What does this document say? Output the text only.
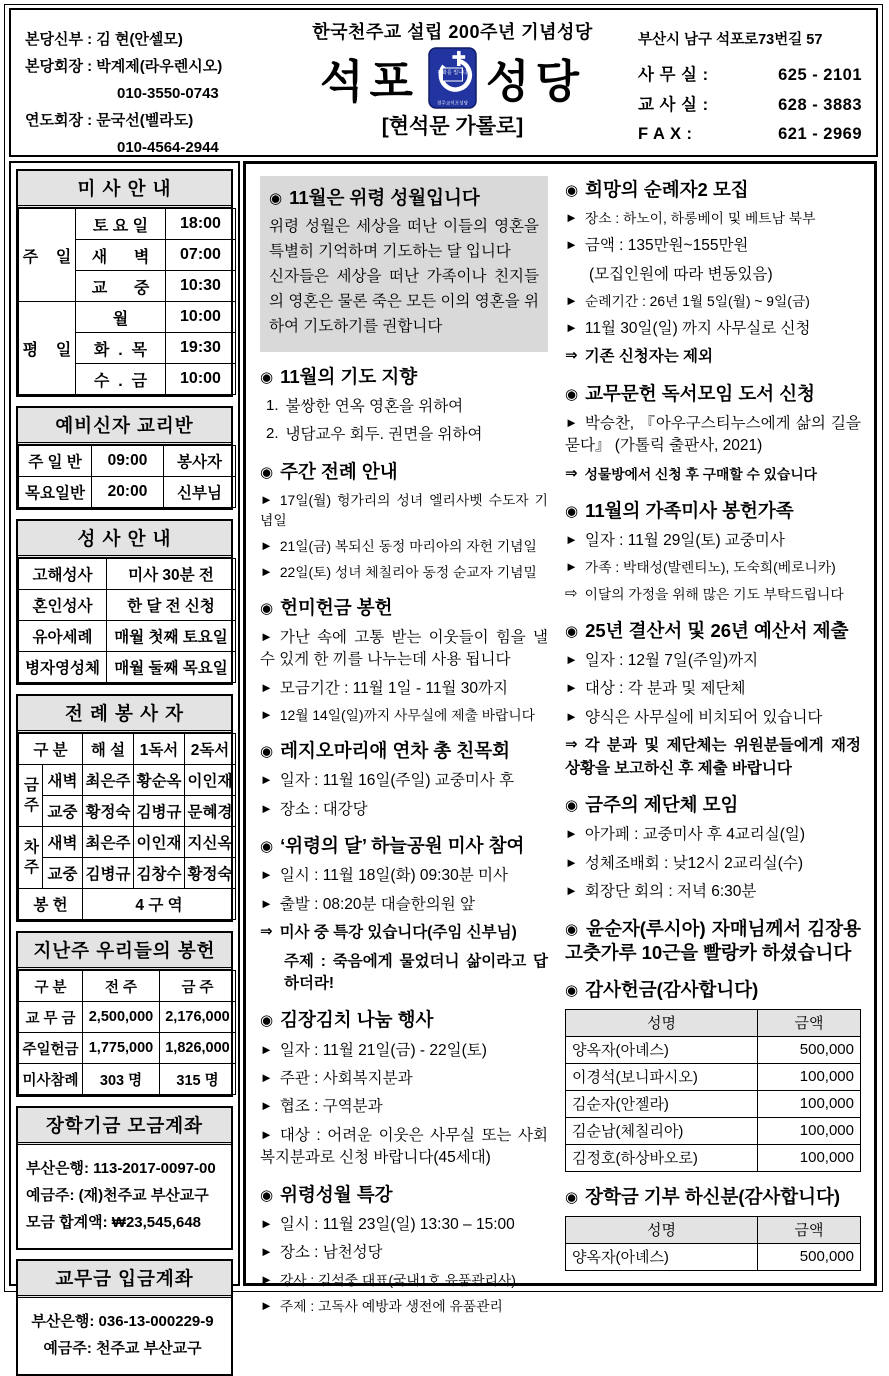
본당신부 : 김 현(안셀모)
본당회장 : 박계제(라우렌시오)
010-3550-0743
연도회장 : 문국선(벨라도)
010-4564-2944
한국천주교 설립 200주년 기념성당
석포	평화를 빕니다
천주교석포성당 성당
[현석문 가롤로]
부산시 남구 석포로73번길 57
사 무 실 :	625 - 2101
교 사 실 :	628 - 3883
F A X :	621 - 2969
미 사 안 내
주    일	토 요 일	18:00
	새      벽	07:00
	교      중	10:30
평    일	월	10:00
	화  .  목	19:30
	수  .  금	10:00
예비신자 교리반
주 일 반	09:00	봉사자
목요일반	20:00	신부님
성 사 안 내
고해성사	미사 30분 전
혼인성사	한 달 전 신청
유아세례	매월 첫째 토요일
병자영성체	매월 둘째 목요일
전 례 봉 사 자
구 분		해 설	1독서	2독서
금주	새벽	최은주	황순옥	이인재
	교중	황정숙	김병규	문혜경
차주	새벽	최은주	이인재	지신옥
	교중	김병규	김창수	황정숙
봉 헌		4 구 역		
지난주 우리들의 봉헌
구 분	전 주	금 주
교 무 금	2,500,000	2,176,000
주일헌금	1,775,000	1,826,000
미사참례	303 명	315 명
장학기금 모금계좌
부산은행: 113-2017-0097-00
예금주: (재)천주교 부산교구
모금 합계액: ₩23,545,648
교무금 입금계좌
부산은행: 036-13-000229-9
예금주: 천주교 부산교구
◉ 11월은 위령 성월입니다
위령 성월은 세상을 떠난 이들의 영혼을 특별히 기억하며 기도하는 달 입니다
신자들은 세상을 떠난 가족이나 친지들의 영혼은 물론 죽은 모든 이의 영혼을 위하여 기도하기를 권합니다
◉ 11월의 기도 지향
1. 불쌍한 연옥 영혼을 위하여
2. 냉담교우 회두. 권면을 위하여
◉ 주간 전례 안내
► 17일(월) 헝가리의 성녀 엘리사벳 수도자 기념일
► 21일(금) 복되신 동정 마리아의 자헌 기념일
► 22일(토) 성녀 체칠리아 동정 순교자 기념밀
◉ 헌미헌금 봉헌
► 가난 속에 고통 받는 이웃들이 힘을 낼 수 있게 한 끼를 나누는데 사용 됩니다
► 모금기간 : 11월 1일 - 11월 30까지
► 12월 14일(일)까지 사무실에 제출 바랍니다
◉ 레지오마리애 연차 총 친목회
► 일자 : 11월 16일(주일) 교중미사 후
► 장소 : 대강당
◉ ‘위령의 달’ 하늘공원 미사 참여
► 일시 : 11월 18일(화) 09:30분 미사
► 출발 : 08:20분 대슬한의원 앞
⇒ 미사 중 특강 있습니다(주임 신부님)
주제 : 죽음에게 물었더니 삶이라고 답하더라!
◉ 김장김치 나눔 행사
► 일자 : 11월 21일(금) - 22일(토)
► 주관 : 사회복지분과
► 협조 : 구역분과
► 대상 : 어려운 이웃은 사무실 또는 사회복지분과로 신청 바랍니다(45세대)
◉ 위령성월 특강
► 일시 : 11월 23일(일) 13:30 – 15:00
► 장소 : 남천성당
► 강사 : 김석중 대표(국내1호 유품관리사)
► 주제 : 고독사 예방과 생전에 유품관리
◉ 희망의 순례자2 모집
► 장소 : 하노이, 하롱베이 및 베트남 북부
► 금액 : 135만원~155만원
(모집인원에 따라 변동있음)
► 순례기간 : 26년 1월 5일(월) ~ 9일(금)
► 11월 30일(일) 까지 사무실로 신청
⇒ 기존 신청자는 제외
◉ 교무문헌 독서모임 도서 신청
► 박승찬, 『아우구스티누스에게 삶의 길을 묻다』 (가톨릭 출판사, 2021)
⇒ 성물방에서 신청 후 구매할 수 있습니다
◉ 11월의 가족미사 봉헌가족
► 일자 : 11월 29일(토) 교중미사
► 가족 : 박태성(발렌티노), 도숙희(베로니카)
⇨ 이달의 가정을 위해 많은 기도 부탁드립니다
◉ 25년 결산서 및 26년 예산서 제출
► 일자 : 12월 7일(주일)까지
► 대상 : 각 분과 및 제단체
► 양식은 사무실에 비치되어 있습니다
⇒ 각 분과 및 제단체는 위원분들에게 재정 상황을 보고하신 후 제출 바랍니다
◉ 금주의 제단체 모임
► 아가페 : 교중미사 후 4교리실(일)
► 성체조배회 : 낮12시 2교리실(수)
► 회장단 회의 : 저녁 6:30분
◉ 윤순자(루시아) 자매님께서 김장용 고춧가루 10근을 빨랑카 하셨습니다
◉ 감사헌금(감사합니다)
성명	금액
양옥자(아녜스)	500,000
이경석(보니파시오)	100,000
김순자(안젤라)	100,000
김순남(체칠리아)	100,000
김정호(하상바오로)	100,000
◉ 장학금 기부 하신분(감사합니다)
성명	금액
양옥자(아녜스)	500,000
